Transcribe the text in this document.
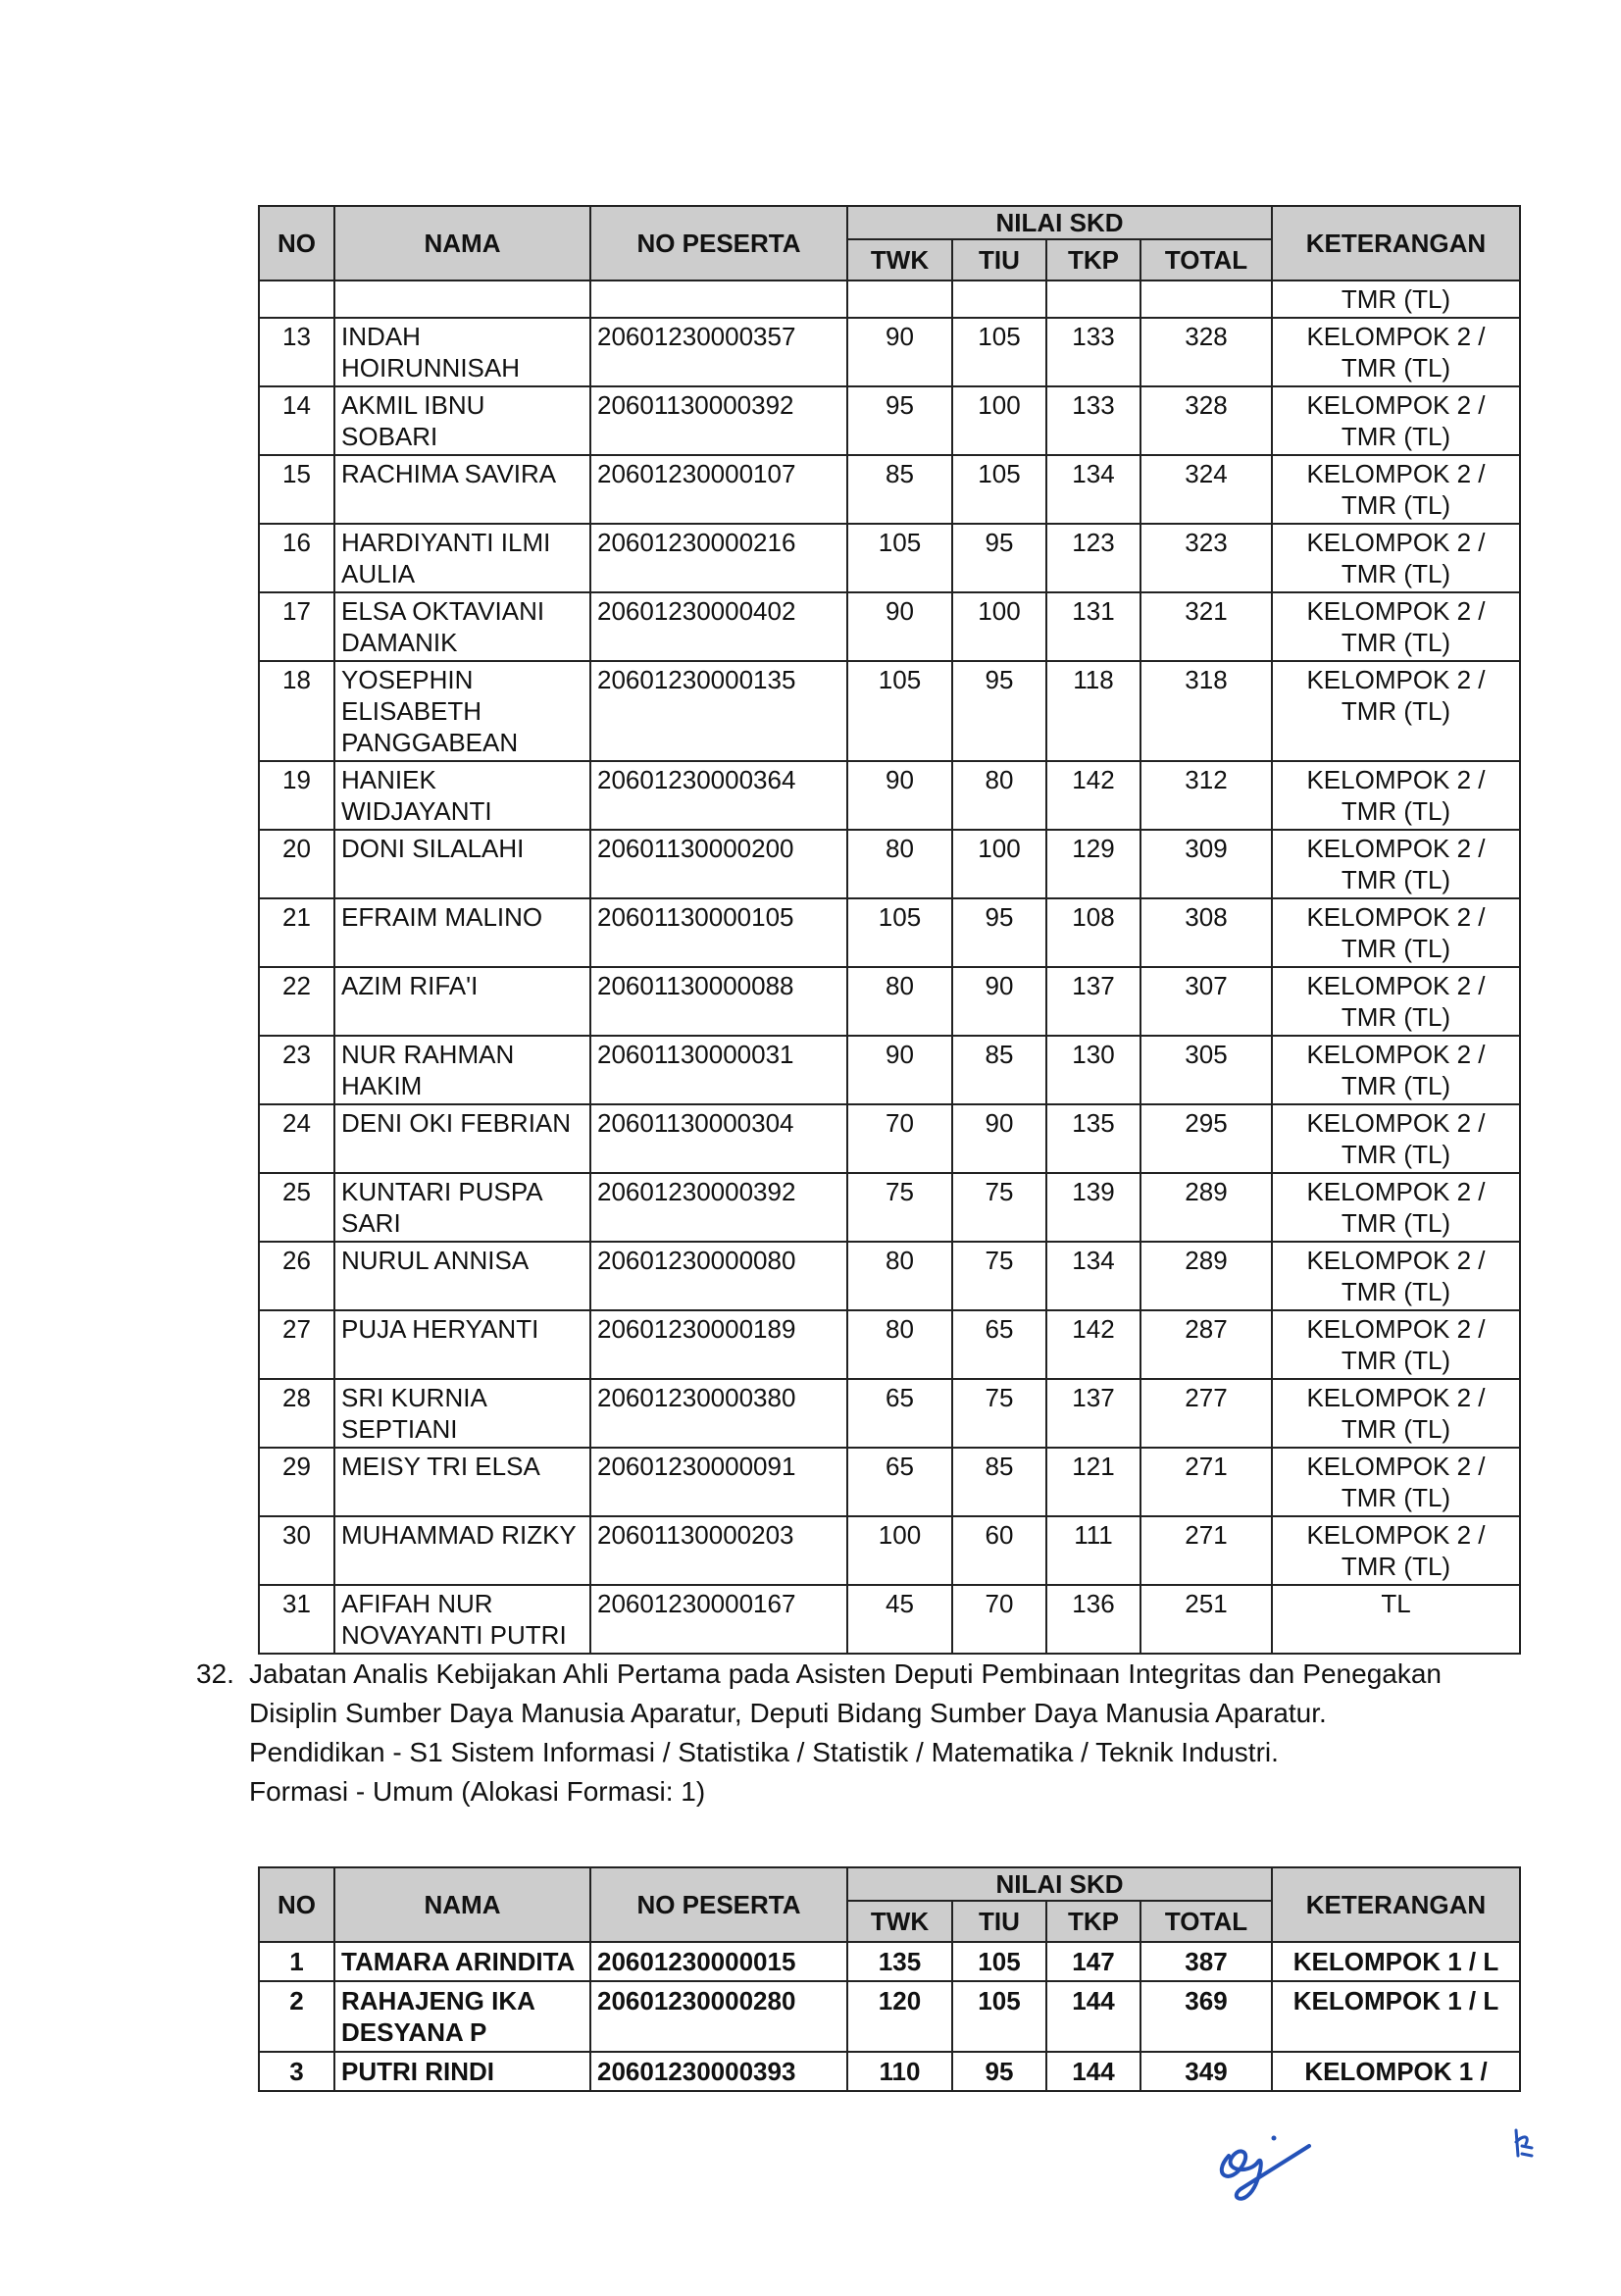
NO	NAMA	NO PESERTA	NILAI SKD				KETERANGAN
			TWK	TIU	TKP	TOTAL	
							TMR (TL)
13	INDAH HOIRUNNISAH	20601230000357	90	105	133	328	KELOMPOK 2 / TMR (TL)
14	AKMIL IBNU SOBARI	20601130000392	95	100	133	328	KELOMPOK 2 / TMR (TL)
15	RACHIMA SAVIRA	20601230000107	85	105	134	324	KELOMPOK 2 / TMR (TL)
16	HARDIYANTI ILMI AULIA	20601230000216	105	95	123	323	KELOMPOK 2 / TMR (TL)
17	ELSA OKTAVIANI DAMANIK	20601230000402	90	100	131	321	KELOMPOK 2 / TMR (TL)
18	YOSEPHIN ELISABETH PANGGABEAN	20601230000135	105	95	118	318	KELOMPOK 2 / TMR (TL)
19	HANIEK WIDJAYANTI	20601230000364	90	80	142	312	KELOMPOK 2 / TMR (TL)
20	DONI SILALAHI	20601130000200	80	100	129	309	KELOMPOK 2 / TMR (TL)
21	EFRAIM MALINO	20601130000105	105	95	108	308	KELOMPOK 2 / TMR (TL)
22	AZIM RIFA'I	20601130000088	80	90	137	307	KELOMPOK 2 / TMR (TL)
23	NUR RAHMAN HAKIM	20601130000031	90	85	130	305	KELOMPOK 2 / TMR (TL)
24	DENI OKI FEBRIAN	20601130000304	70	90	135	295	KELOMPOK 2 / TMR (TL)
25	KUNTARI PUSPA SARI	20601230000392	75	75	139	289	KELOMPOK 2 / TMR (TL)
26	NURUL ANNISA	20601230000080	80	75	134	289	KELOMPOK 2 / TMR (TL)
27	PUJA HERYANTI	20601230000189	80	65	142	287	KELOMPOK 2 / TMR (TL)
28	SRI KURNIA SEPTIANI	20601230000380	65	75	137	277	KELOMPOK 2 / TMR (TL)
29	MEISY TRI ELSA	20601230000091	65	85	121	271	KELOMPOK 2 / TMR (TL)
30	MUHAMMAD RIZKY	20601130000203	100	60	111	271	KELOMPOK 2 / TMR (TL)
31	AFIFAH NUR NOVAYANTI PUTRI	20601230000167	45	70	136	251	TL
32. Jabatan Analis Kebijakan Ahli Pertama pada Asisten Deputi Pembinaan Integritas dan Penegakan Disiplin Sumber Daya Manusia Aparatur, Deputi Bidang Sumber Daya Manusia Aparatur.
Pendidikan - S1 Sistem Informasi / Statistika / Statistik / Matematika / Teknik Industri.
Formasi - Umum (Alokasi Formasi: 1)
NO	NAMA	NO PESERTA	NILAI SKD				KETERANGAN
			TWK	TIU	TKP	TOTAL	
1	TAMARA ARINDITA	20601230000015	135	105	147	387	KELOMPOK 1 / L
2	RAHAJENG IKA DESYANA P	20601230000280	120	105	144	369	KELOMPOK 1 / L
3	PUTRI RINDI	20601230000393	110	95	144	349	KELOMPOK 1 /
